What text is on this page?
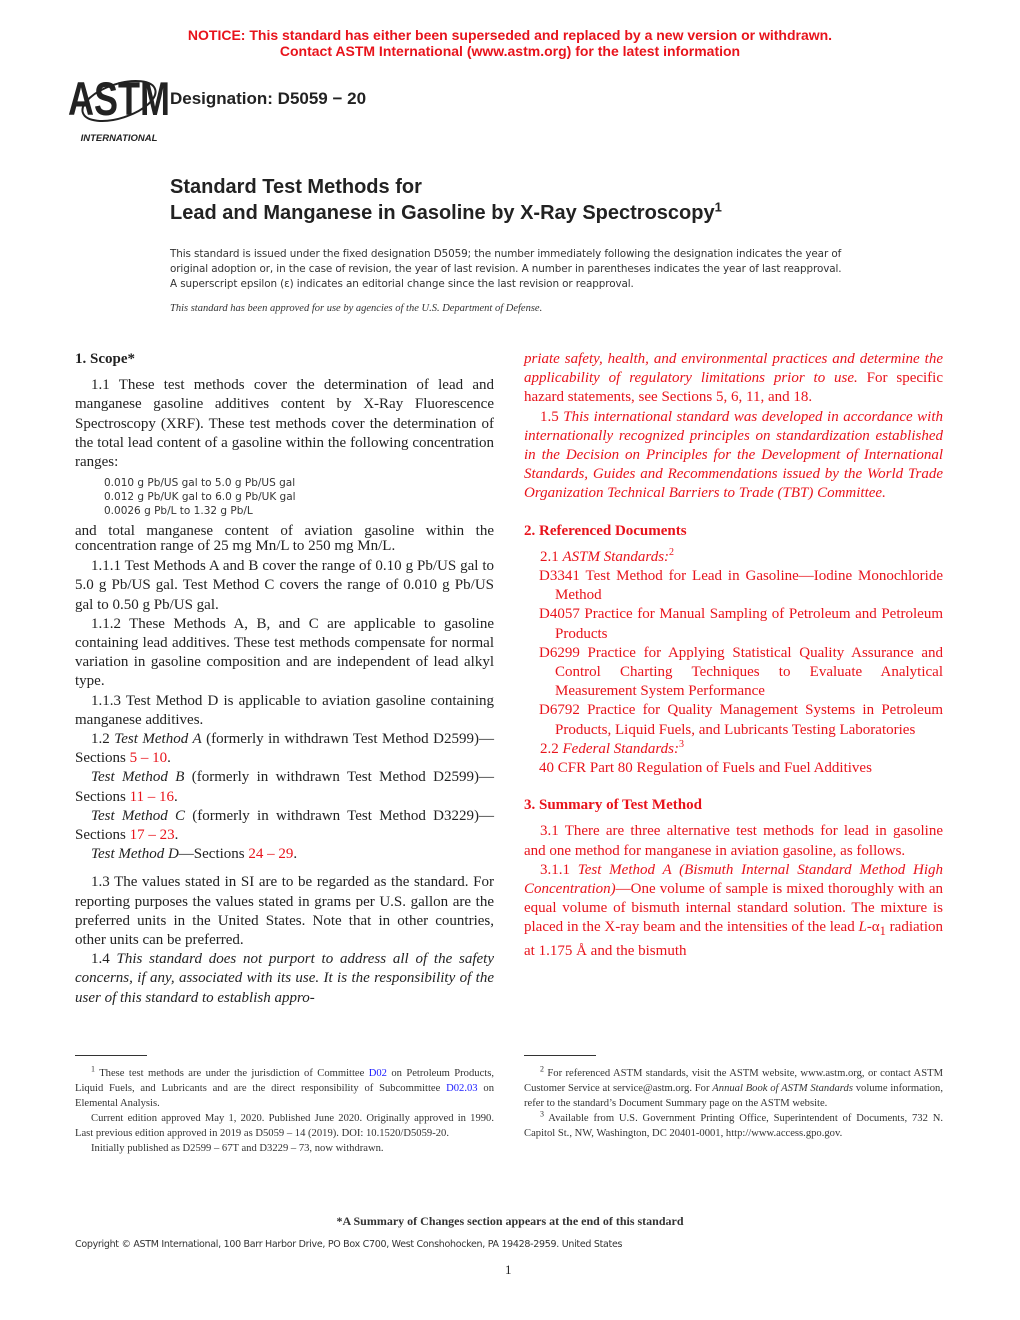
NOTICE: This standard has either been superseded and replaced by a new version or withdrawn.
Contact ASTM International (www.astm.org) for the latest information
ASTM
INTERNATIONAL
Designation: D5059 − 20
Standard Test Methods for
Lead and Manganese in Gasoline by X-Ray Spectroscopy$^1$
This standard is issued under the fixed designation D5059; the number immediately following the designation indicates the year of original adoption or, in the case of revision, the year of last revision. A number in parentheses indicates the year of last reapproval. A superscript epsilon (ε) indicates an editorial change since the last revision or reapproval.
This standard has been approved for use by agencies of the U.S. Department of Defense.
1. Scope*

1.1 These test methods cover the determination of lead and manganese gasoline additives content by X-Ray Fluorescence Spectroscopy (XRF). These test methods cover the determination of the total lead content of a gasoline within the following concentration ranges:

0.010 g Pb/US gal to 5.0 g Pb/US gal
0.012 g Pb/UK gal to 6.0 g Pb/UK gal
0.0026 g Pb/L to 1.32 g Pb/L

and total manganese content of aviation gasoline within the concentration range of 25 mg Mn/L to 250 mg Mn/L.

1.1.1 Test Methods A and B cover the range of 0.10 g Pb/US gal to 5.0 g Pb/US gal. Test Method C covers the range of 0.010 g Pb/US gal to 0.50 g Pb/US gal.

1.1.2 These Methods A, B, and C are applicable to gasoline containing lead additives. These test methods compensate for normal variation in gasoline composition and are independent of lead alkyl type.

1.1.3 Test Method D is applicable to aviation gasoline containing manganese additives.

1.2 Test Method A (formerly in withdrawn Test Method D2599)—Sections 5 – 10.

Test Method B (formerly in withdrawn Test Method D2599)—Sections 11 – 16.

Test Method C (formerly in withdrawn Test Method D3229)—Sections 17 – 23.

Test Method D—Sections 24 – 29.

1.3 The values stated in SI are to be regarded as the standard. For reporting purposes the values stated in grams per U.S. gallon are the preferred units in the United States. Note that in other countries, other units can be preferred.

1.4 This standard does not purport to address all of the safety concerns, if any, associated with its use. It is the responsibility of the user of this standard to establish appro-

priate safety, health, and environmental practices and determine the applicability of regulatory limitations prior to use. For specific hazard statements, see Sections 5, 6, 11, and 18.

1.5 This international standard was developed in accordance with internationally recognized principles on standardization established in the Decision on Principles for the Development of International Standards, Guides and Recommendations issued by the World Trade Organization Technical Barriers to Trade (TBT) Committee.

2. Referenced Documents

2.1 ASTM Standards:$^2$

D3341 Test Method for Lead in Gasoline—Iodine Monochloride Method

D4057 Practice for Manual Sampling of Petroleum and Petroleum Products

D6299 Practice for Applying Statistical Quality Assurance and Control Charting Techniques to Evaluate Analytical Measurement System Performance

D6792 Practice for Quality Management Systems in Petroleum Products, Liquid Fuels, and Lubricants Testing Laboratories

2.2 Federal Standards:$^3$

40 CFR Part 80 Regulation of Fuels and Fuel Additives

3. Summary of Test Method

3.1 There are three alternative test methods for lead in gasoline and one method for manganese in aviation gasoline, as follows.

3.1.1 Test Method A (Bismuth Internal Standard Method High Concentration)—One volume of sample is mixed thoroughly with an equal volume of bismuth internal standard solution. The mixture is placed in the X-ray beam and the intensities of the lead $L-\alpha_1$ radiation at 1.175 Å and the bismuth

$^1$ These test methods are under the jurisdiction of Committee D02 on Petroleum Products, Liquid Fuels, and Lubricants and are the direct responsibility of Subcommittee D02.03 on Elemental Analysis.

Current edition approved May 1, 2020. Published June 2020. Originally approved in 1990. Last previous edition approved in 2019 as D5059 – 14 (2019). DOI: 10.1520/D5059-20.

Initially published as D2599 – 67T and D3229 – 73, now withdrawn.

$^2$ For referenced ASTM standards, visit the ASTM website, www.astm.org, or contact ASTM Customer Service at service@astm.org. For Annual Book of ASTM Standards volume information, refer to the standard’s Document Summary page on the ASTM website.

$^3$ Available from U.S. Government Printing Office, Superintendent of Documents, 732 N. Capitol St., NW, Washington, DC 20401-0001, http://www.access.gpo.gov.

*A Summary of Changes section appears at the end of this standard
Copyright © ASTM International, 100 Barr Harbor Drive, PO Box C700, West Conshohocken, PA 19428-2959. United States
1
